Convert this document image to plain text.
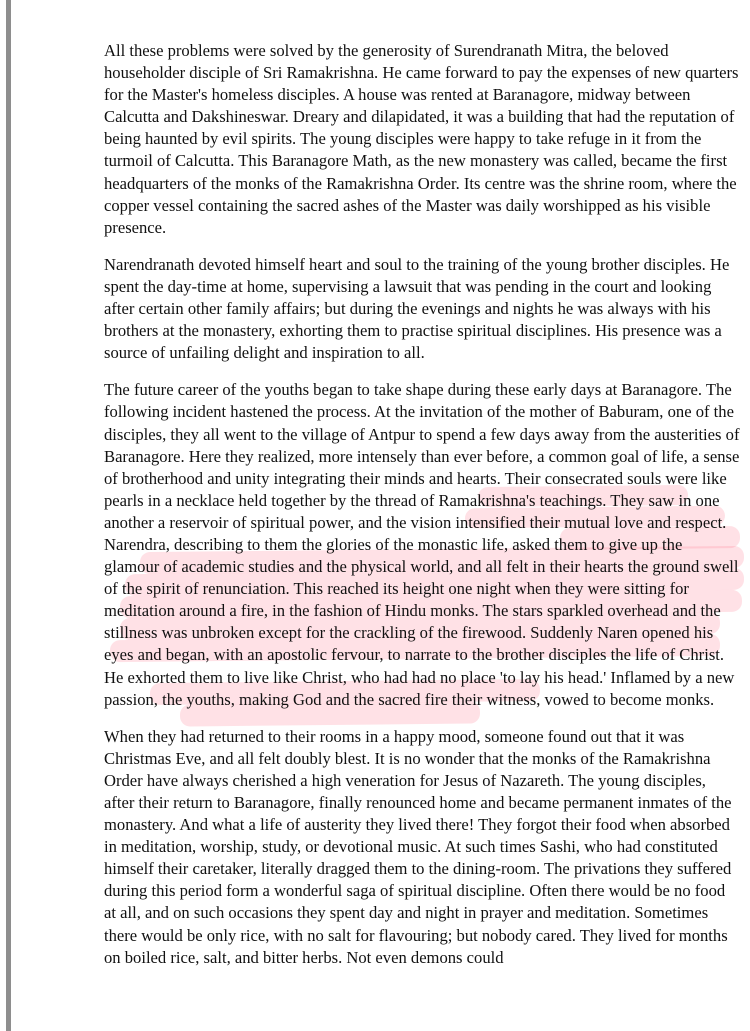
All these problems were solved by the generosity of Surendranath Mitra, the beloved householder disciple of Sri Ramakrishna. He came forward to pay the expenses of new quarters for the Master's homeless disciples. A house was rented at Baranagore, midway between Calcutta and Dakshineswar. Dreary and dilapidated, it was a building that had the reputation of being haunted by evil spirits. The young disciples were happy to take refuge in it from the turmoil of Calcutta. This Baranagore Math, as the new monastery was called, became the first headquarters of the monks of the Ramakrishna Order. Its centre was the shrine room, where the copper vessel containing the sacred ashes of the Master was daily worshipped as his visible presence.

Narendranath devoted himself heart and soul to the training of the young brother disciples. He spent the day-time at home, supervising a lawsuit that was pending in the court and looking after certain other family affairs; but during the evenings and nights he was always with his brothers at the monastery, exhorting them to practise spiritual disciplines. His presence was a source of unfailing delight and inspiration to all.

The future career of the youths began to take shape during these early days at Baranagore. The following incident hastened the process. At the invitation of the mother of Baburam, one of the disciples, they all went to the village of Antpur to spend a few days away from the austerities of Baranagore. Here they realized, more intensely than ever before, a common goal of life, a sense of brotherhood and unity integrating their minds and hearts. Their consecrated souls were like pearls in a necklace held together by the thread of Ramakrishna's teachings. They saw in one another a reservoir of spiritual power, and the vision intensified their mutual love and respect. Narendra, describing to them the glories of the monastic life, asked them to give up the glamour of academic studies and the physical world, and all felt in their hearts the ground swell of the spirit of renunciation. This reached its height one night when they were sitting for meditation around a fire, in the fashion of Hindu monks. The stars sparkled overhead and the stillness was unbroken except for the crackling of the firewood. Suddenly Naren opened his eyes and began, with an apostolic fervour, to narrate to the brother disciples the life of Christ. He exhorted them to live like Christ, who had had no place 'to lay his head.' Inflamed by a new passion, the youths, making God and the sacred fire their witness, vowed to become monks.

When they had returned to their rooms in a happy mood, someone found out that it was Christmas Eve, and all felt doubly blest. It is no wonder that the monks of the Ramakrishna Order have always cherished a high veneration for Jesus of Nazareth. The young disciples, after their return to Baranagore, finally renounced home and became permanent inmates of the monastery. And what a life of austerity they lived there! They forgot their food when absorbed in meditation, worship, study, or devotional music. At such times Sashi, who had constituted himself their caretaker, literally dragged them to the dining-room. The privations they suffered during this period form a wonderful saga of spiritual discipline. Often there would be no food at all, and on such occasions they spent day and night in prayer and meditation. Sometimes there would be only rice, with no salt for flavouring; but nobody cared. They lived for months on boiled rice, salt, and bitter herbs. Not even demons could
